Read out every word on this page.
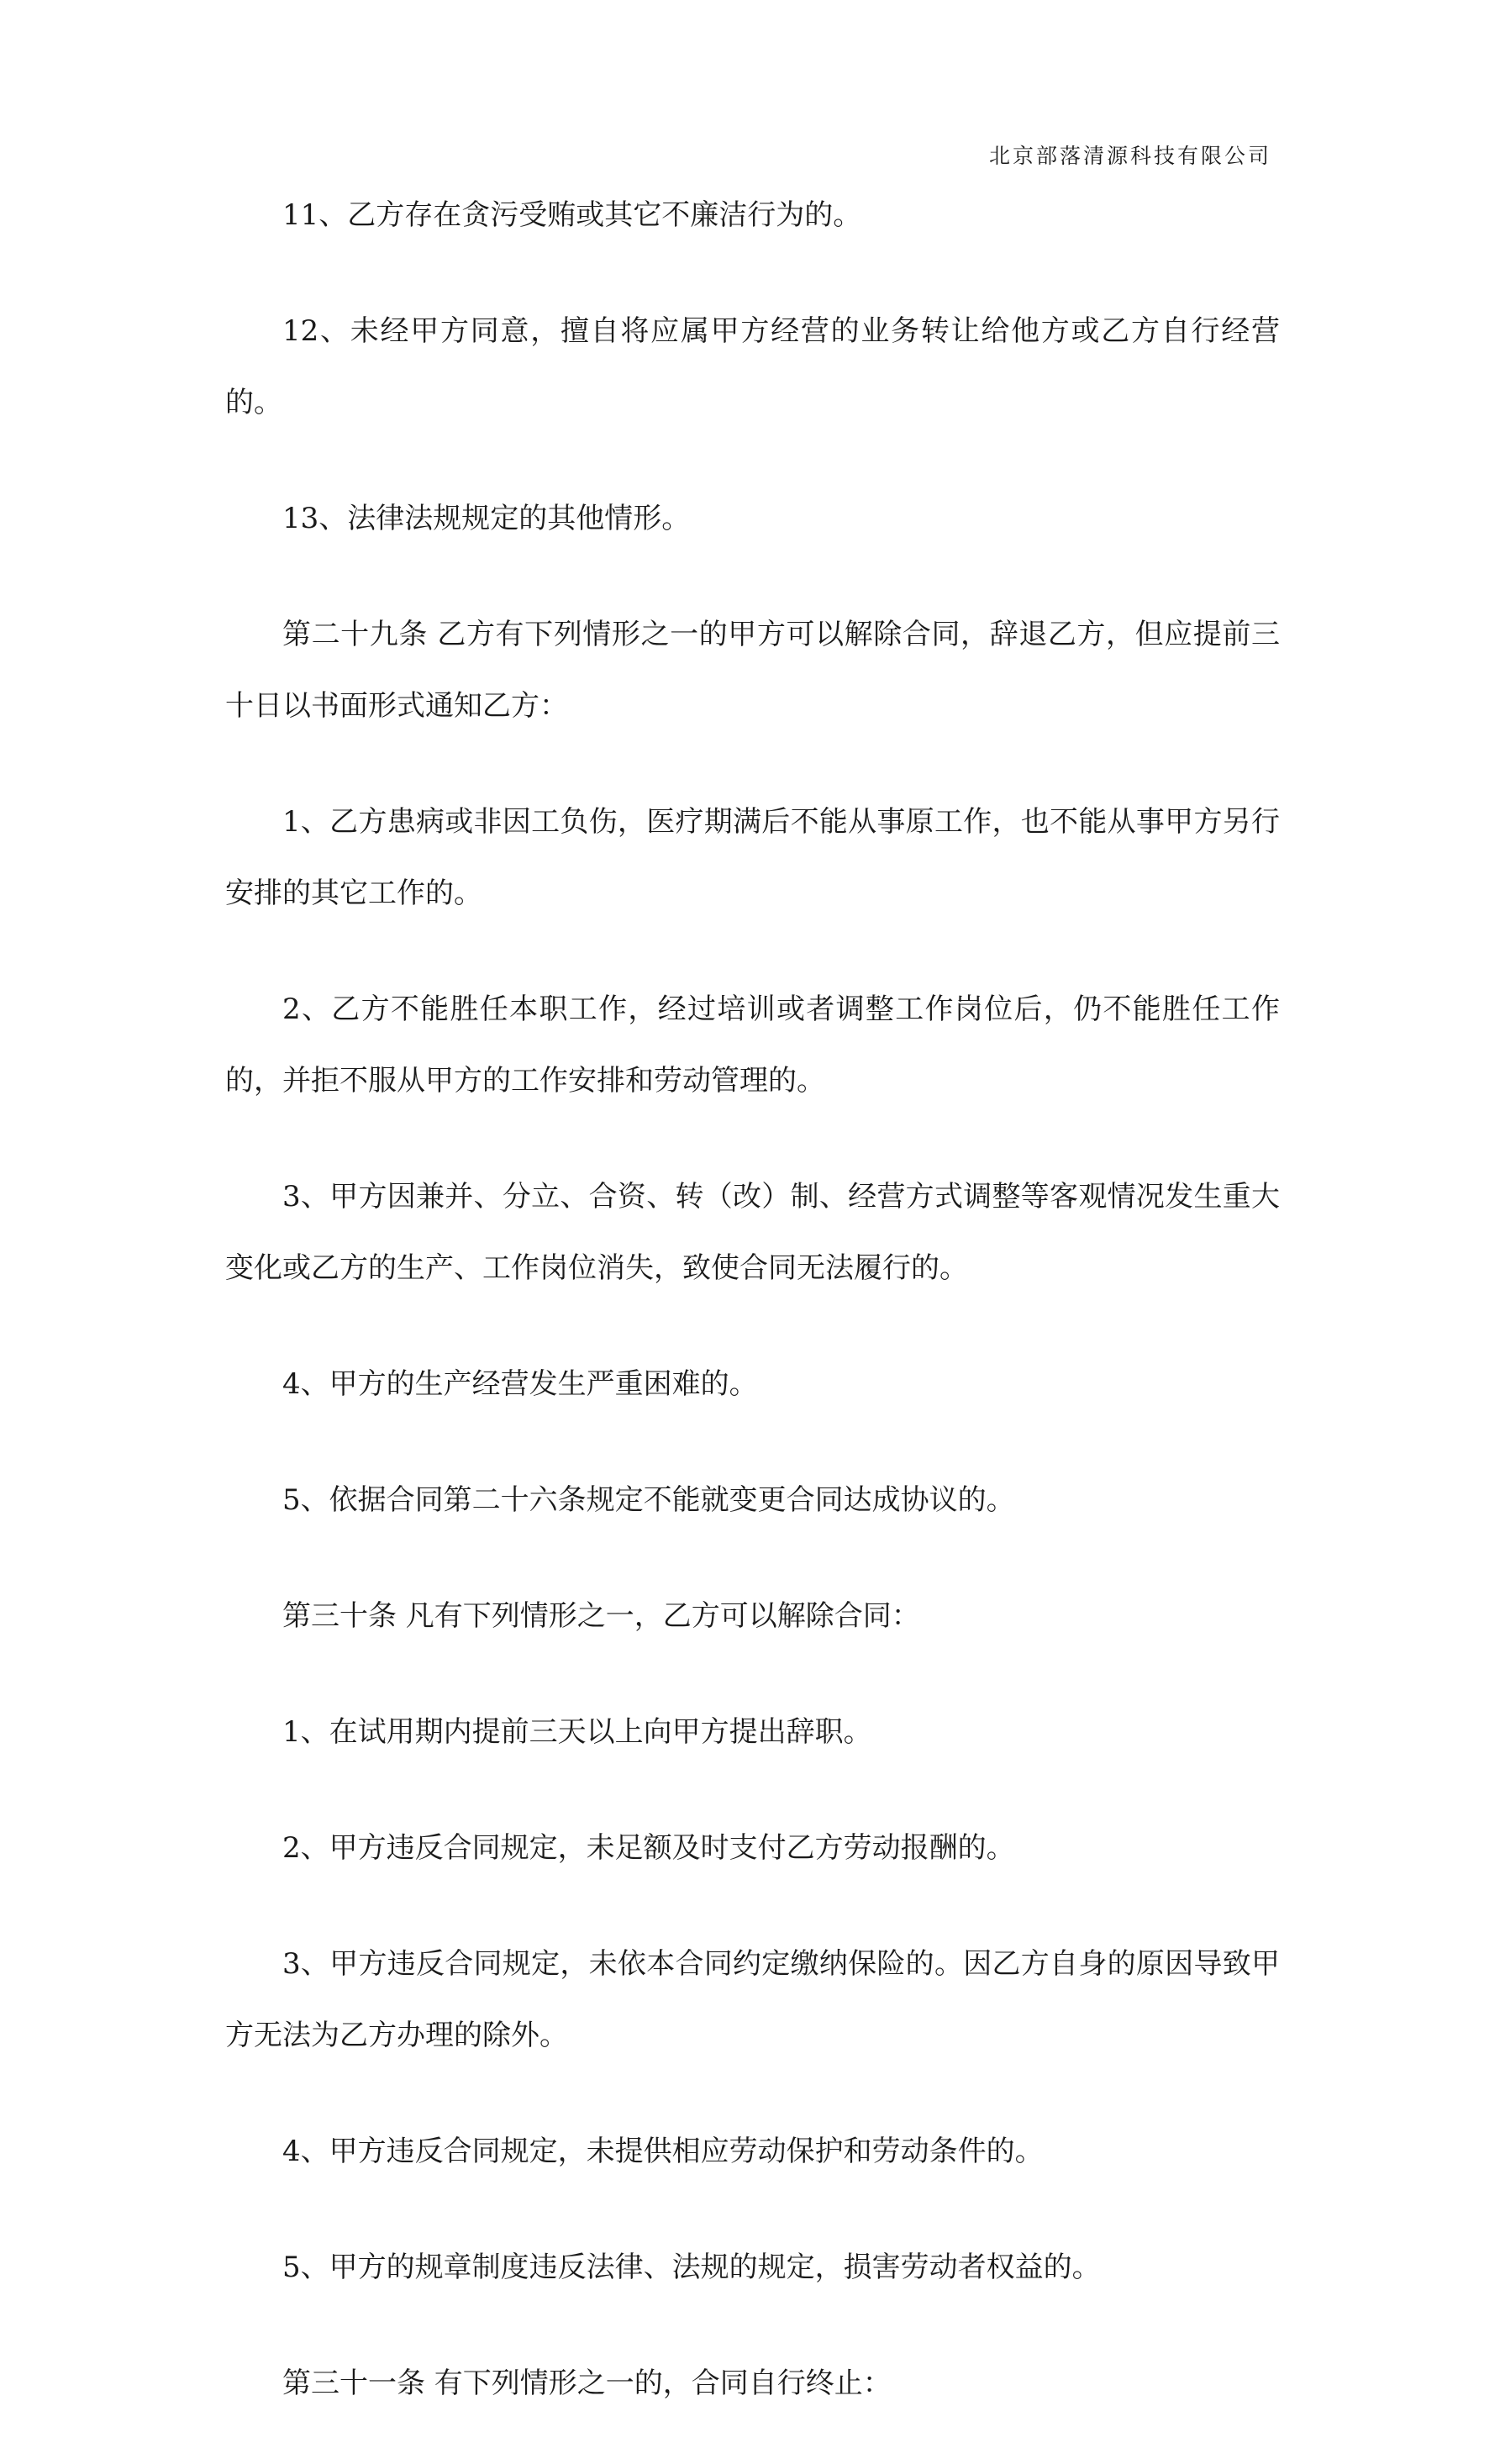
北京部落清源科技有限公司

11、乙方存在贪污受贿或其它不廉洁行为的。

12、未经甲方同意，擅自将应属甲方经营的业务转让给他方或乙方自行经营的。

13、法律法规规定的其他情形。

第二十九条 乙方有下列情形之一的甲方可以解除合同，辞退乙方，但应提前三十日以书面形式通知乙方：

1、乙方患病或非因工负伤，医疗期满后不能从事原工作，也不能从事甲方另行安排的其它工作的。

2、乙方不能胜任本职工作，经过培训或者调整工作岗位后，仍不能胜任工作的，并拒不服从甲方的工作安排和劳动管理的。

3、甲方因兼并、分立、合资、转（改）制、经营方式调整等客观情况发生重大变化或乙方的生产、工作岗位消失，致使合同无法履行的。

4、甲方的生产经营发生严重困难的。

5、依据合同第二十六条规定不能就变更合同达成协议的。

第三十条 凡有下列情形之一，乙方可以解除合同：

1、在试用期内提前三天以上向甲方提出辞职。

2、甲方违反合同规定，未足额及时支付乙方劳动报酬的。

3、甲方违反合同规定，未依本合同约定缴纳保险的。因乙方自身的原因导致甲方无法为乙方办理的除外。

4、甲方违反合同规定，未提供相应劳动保护和劳动条件的。

5、甲方的规章制度违反法律、法规的规定，损害劳动者权益的。

第三十一条 有下列情形之一的，合同自行终止：
